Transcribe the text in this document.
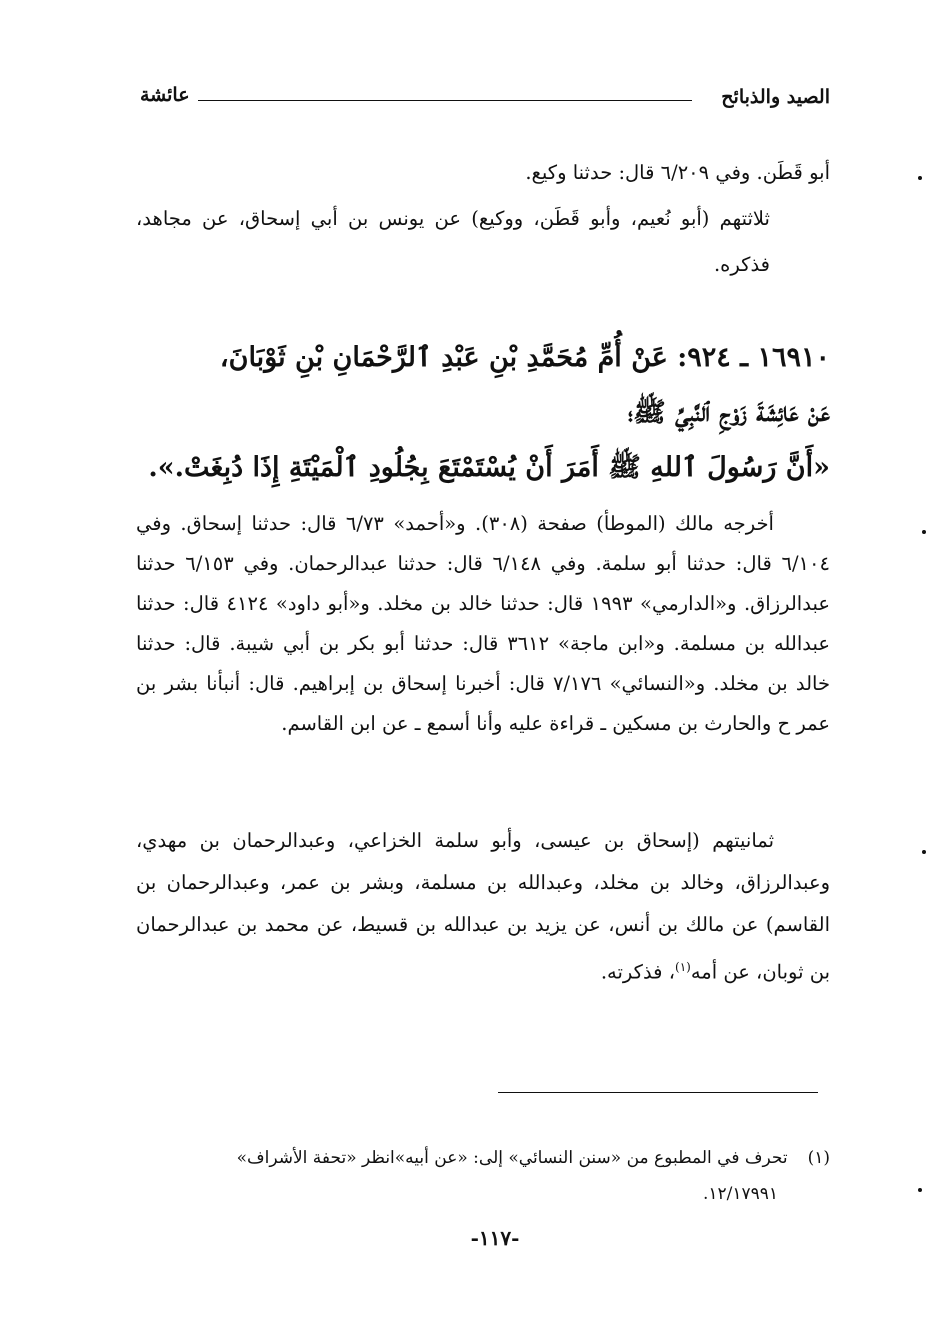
الصيد والذبائح
عائشة
أبو قَطَن. وفي ٦/٢٠٩ قال: حدثنا وكيع.
ثلاثتهم (أبو نُعيم، وأبو قَطَن، ووكيع) عن يونس بن أبي إسحاق، عن مجاهد، فذكره.
١٦٩١٠ ـ ٩٢٤: عَنْ أُمِّ مُحَمَّدِ بْنِ عَبْدِ ٱلرَّحْمَانِ بْنِ ثَوْبَانَ،
عَنْ عَائِشَةَ زَوْجِ ٱلنَّبِيِّ ﷺ؛
«أَنَّ رَسُولَ ٱللهِ ﷺ أَمَرَ أَنْ يُسْتَمْتَعَ بِجُلُودِ ٱلْمَيْتَةِ إِذَا دُبِغَتْ.».
أخرجه مالك (الموطأ) صفحة (٣٠٨). و«أحمد» ٦/٧٣ قال: حدثنا إسحاق. وفي ٦/١٠٤ قال: حدثنا أبو سلمة. وفي ٦/١٤٨ قال: حدثنا عبدالرحمان. وفي ٦/١٥٣ حدثنا عبدالرزاق. و«الدارمي» ١٩٩٣ قال: حدثنا خالد بن مخلد. و«أبو داود» ٤١٢٤ قال: حدثنا عبدالله بن مسلمة. و«ابن ماجة» ٣٦١٢ قال: حدثنا أبو بكر بن أبي شيبة. قال: حدثنا خالد بن مخلد. و«النسائي» ٧/١٧٦ قال: أخبرنا إسحاق بن إبراهيم. قال: أنبأنا بشر بن عمر ح والحارث بن مسكين ـ قراءة عليه وأنا أسمع ـ عن ابن القاسم.
ثمانيتهم (إسحاق بن عيسى، وأبو سلمة الخزاعي، وعبدالرحمان بن مهدي، وعبدالرزاق، وخالد بن مخلد، وعبدالله بن مسلمة، وبشر بن عمر، وعبدالرحمان بن القاسم) عن مالك بن أنس، عن يزيد بن عبدالله بن قسيط، عن محمد بن عبدالرحمان بن ثوبان، عن أمه(١)، فذكرته.
(١)تحرف في المطبوع من «سنن النسائي» إلى: «عن أبيه»انظر «تحفة الأشراف»
١٢/١٧٩٩١.
-١١٧-
